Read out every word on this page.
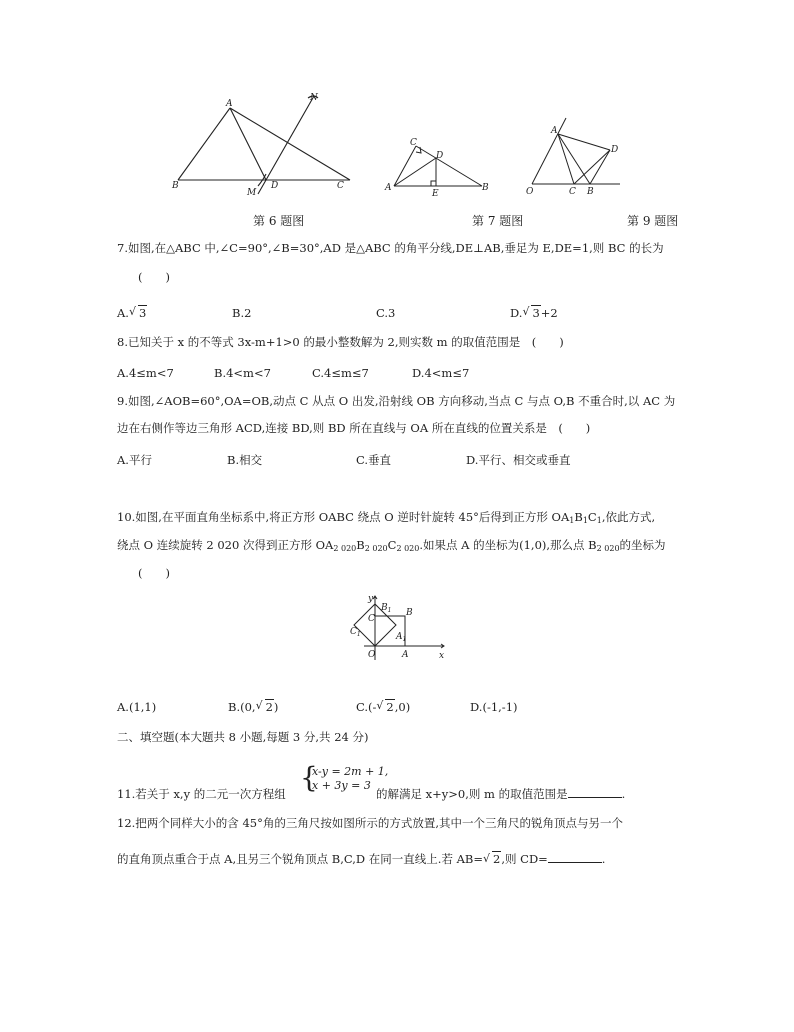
A
N
B
M
D	C
C
D
A
E
B
A
D
O	C B
第 6 题图	第 7 题图	第 9 题图
7.如图,在△ABC 中,∠C=90°,∠B=30°,AD 是△ABC 的角平分线,DE⊥AB,垂足为 E,DE=1,则 BC 的长为
(　　)
A. √ 3	B.2	C.3	D. √ 3+2
8.已知关于 x 的不等式 3x-m+1>0 的最小整数解为 2,则实数 m 的取值范围是　(　　)
A.4≤m<7	B.4<m<7	C.4≤m≤7	D.4<m≤7
9.如图,∠AOB=60°,OA=OB,动点 C 从点 O 出发,沿射线 OB 方向移动,当点 C 与点 O,B 不重合时,以 AC 为
边在右侧作等边三角形 ACD,连接 BD,则 BD 所在直线与 OA 所在直线的位置关系是　(　　)
A.平行	B.相交	C.垂直	D.平行、相交或垂直
10.如图,在平面直角坐标系中,将正方形 OABC 绕点 O 逆时针旋转 45°后得到正方形 $OA_1B_1C_1$,依此方式,
绕点 O 连续旋转 2 020 次得到正方形 $OA_{2 020}B_{2 020}C_{2 020}$.如果点 A 的坐标为(1,0),那么点 $B_{2 020}$的坐标为
(　　)
y
$B_1$ B
C
$C_1$	$A_1$
O	A	x
A.(1,1)	B.(0, √ 2)	C.(- √ 2,0)	D.(-1,-1)
二、填空题(本大题共 8 小题,每题 3 分,共 24 分)
11.若关于 x,y 的二元一次方程组 {
x-y = 2m + 1,
x + 3y = 3
的解满足 x+y>0,则 m 的取值范围是	.
12.把两个同样大小的含 45°角的三角尺按如图所示的方式放置,其中一个三角尺的锐角顶点与另一个
的直角顶点重合于点 A,且另三个锐角顶点 B,C,D 在同一直线上.若 AB= √ 2,则 CD=	.
